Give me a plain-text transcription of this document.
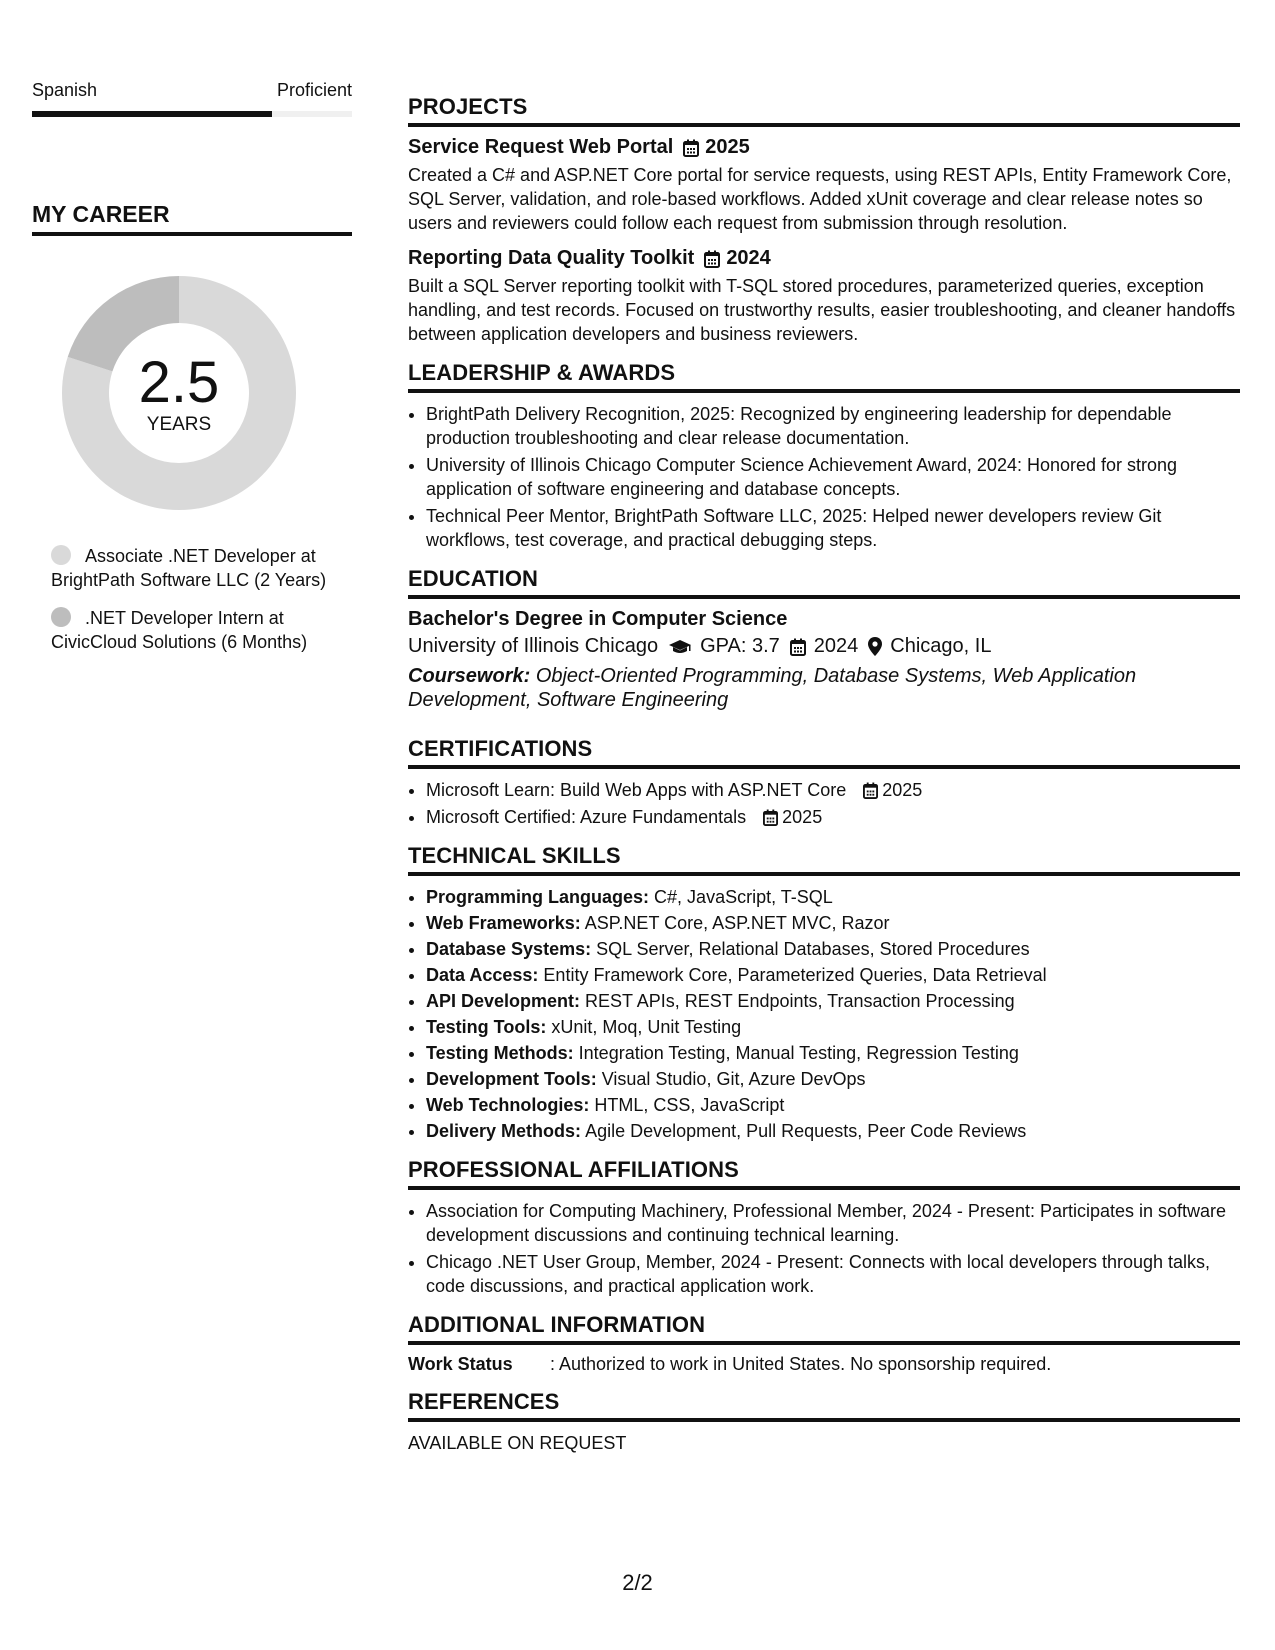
Spanish	Proficient
MY CAREER
2.5
YEARS
Associate .NET Developer at BrightPath Software LLC (2 Years)
.NET Developer Intern at CivicCloud Solutions (6 Months)
PROJECTS
Service Request Web Portal 2025
Created a C# and ASP.NET Core portal for service requests, using REST APIs, Entity Framework Core, SQL Server, validation, and role-based workflows. Added xUnit coverage and clear release notes so users and reviewers could follow each request from submission through resolution.
Reporting Data Quality Toolkit 2024
Built a SQL Server reporting toolkit with T-SQL stored procedures, parameterized queries, exception handling, and test records. Focused on trustworthy results, easier troubleshooting, and cleaner handoffs between application developers and business reviewers.
LEADERSHIP & AWARDS
• BrightPath Delivery Recognition, 2025: Recognized by engineering leadership for dependable production troubleshooting and clear release documentation.
• University of Illinois Chicago Computer Science Achievement Award, 2024: Honored for strong application of software engineering and database concepts.
• Technical Peer Mentor, BrightPath Software LLC, 2025: Helped newer developers review Git workflows, test coverage, and practical debugging steps.
EDUCATION
Bachelor's Degree in Computer Science
University of Illinois Chicago GPA: 3.7 2024 Chicago, IL
Coursework: Object-Oriented Programming, Database Systems, Web Application Development, Software Engineering
CERTIFICATIONS
• Microsoft Learn: Build Web Apps with ASP.NET Core 2025
• Microsoft Certified: Azure Fundamentals 2025
TECHNICAL SKILLS
• Programming Languages: C#, JavaScript, T-SQL
• Web Frameworks: ASP.NET Core, ASP.NET MVC, Razor
• Database Systems: SQL Server, Relational Databases, Stored Procedures
• Data Access: Entity Framework Core, Parameterized Queries, Data Retrieval
• API Development: REST APIs, REST Endpoints, Transaction Processing
• Testing Tools: xUnit, Moq, Unit Testing
• Testing Methods: Integration Testing, Manual Testing, Regression Testing
• Development Tools: Visual Studio, Git, Azure DevOps
• Web Technologies: HTML, CSS, JavaScript
• Delivery Methods: Agile Development, Pull Requests, Peer Code Reviews
PROFESSIONAL AFFILIATIONS
• Association for Computing Machinery, Professional Member, 2024 - Present: Participates in software development discussions and continuing technical learning.
• Chicago .NET User Group, Member, 2024 - Present: Connects with local developers through talks, code discussions, and practical application work.
ADDITIONAL INFORMATION
Work Status	: Authorized to work in United States. No sponsorship required.
REFERENCES
AVAILABLE ON REQUEST
2/2
